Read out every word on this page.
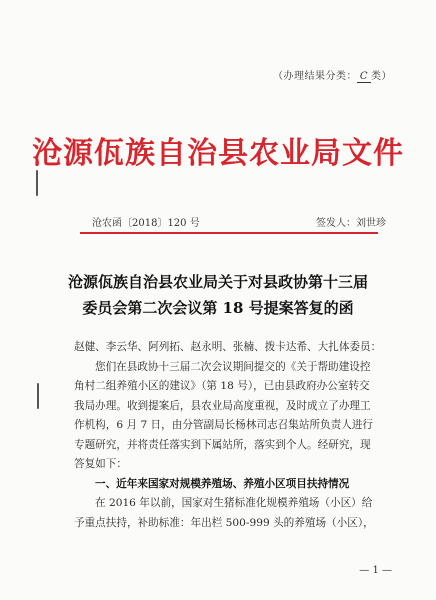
（办理结果分类： C 类）
沧源佤族自治县农业局文件
沧农函〔2018〕120 号	签发人：刘世珍
沧源佤族自治县农业局关于对县政协第十三届
委员会第二次会议第 18 号提案答复的函
赵健、李云华、阿列拓、赵永明、张楠、拨卡达希、大扎体委员：
您们在县政协十三届二次会议期间提交的《关于帮助建设控
角村二组养殖小区的建议》（第 18 号），已由县政府办公室转交
我局办理。收到提案后，县农业局高度重视，及时成立了办理工
作机构，6 月 7 日，由分管副局长杨林司志召集站所负责人进行
专题研究，并将责任落实到下属站所，落实到个人。经研究，现
答复如下：
一、近年来国家对规模养殖场、养殖小区项目扶持情况
在 2016 年以前，国家对生猪标准化规模养殖场（小区）给
予重点扶持，补助标准：年出栏 500-999 头的养殖场（小区），
— 1 —
